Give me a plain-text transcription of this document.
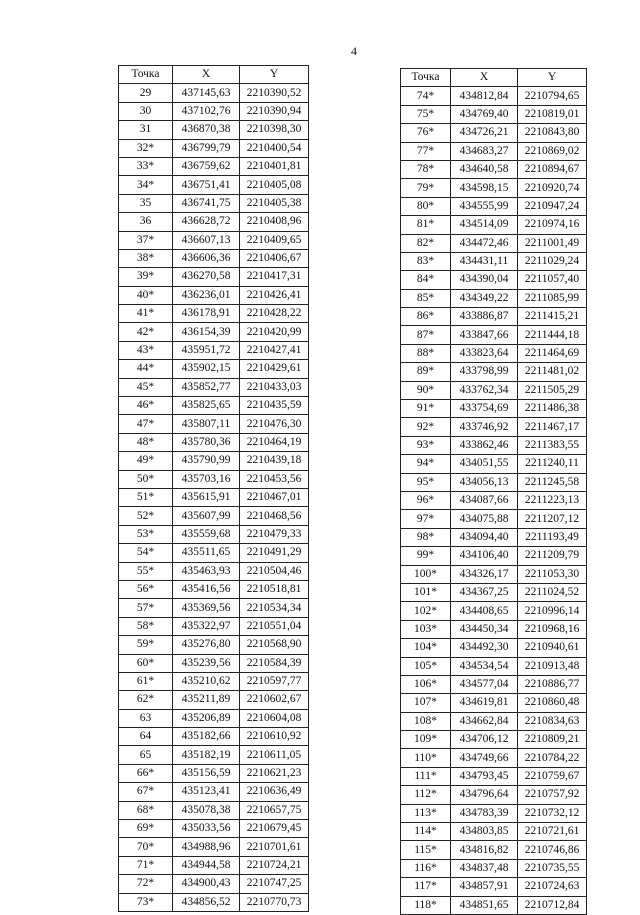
4
Точка	X	Y
29	437145,63	2210390,52
30	437102,76	2210390,94
31	436870,38	2210398,30
32*	436799,79	2210400,54
33*	436759,62	2210401,81
34*	436751,41	2210405,08
35	436741,75	2210405,38
36	436628,72	2210408,96
37*	436607,13	2210409,65
38*	436606,36	2210406,67
39*	436270,58	2210417,31
40*	436236,01	2210426,41
41*	436178,91	2210428,22
42*	436154,39	2210420,99
43*	435951,72	2210427,41
44*	435902,15	2210429,61
45*	435852,77	2210433,03
46*	435825,65	2210435,59
47*	435807,11	2210476,30
48*	435780,36	2210464,19
49*	435790,99	2210439,18
50*	435703,16	2210453,56
51*	435615,91	2210467,01
52*	435607,99	2210468,56
53*	435559,68	2210479,33
54*	435511,65	2210491,29
55*	435463,93	2210504,46
56*	435416,56	2210518,81
57*	435369,56	2210534,34
58*	435322,97	2210551,04
59*	435276,80	2210568,90
60*	435239,56	2210584,39
61*	435210,62	2210597,77
62*	435211,89	2210602,67
63	435206,89	2210604,08
64	435182,66	2210610,92
65	435182,19	2210611,05
66*	435156,59	2210621,23
67*	435123,41	2210636,49
68*	435078,38	2210657,75
69*	435033,56	2210679,45
70*	434988,96	2210701,61
71*	434944,58	2210724,21
72*	434900,43	2210747,25
73*	434856,52	2210770,73
Точка	X	Y
74*	434812,84	2210794,65
75*	434769,40	2210819,01
76*	434726,21	2210843,80
77*	434683,27	2210869,02
78*	434640,58	2210894,67
79*	434598,15	2210920,74
80*	434555,99	2210947,24
81*	434514,09	2210974,16
82*	434472,46	2211001,49
83*	434431,11	2211029,24
84*	434390,04	2211057,40
85*	434349,22	2211085,99
86*	433886,87	2211415,21
87*	433847,66	2211444,18
88*	433823,64	2211464,69
89*	433798,99	2211481,02
90*	433762,34	2211505,29
91*	433754,69	2211486,38
92*	433746,92	2211467,17
93*	433862,46	2211383,55
94*	434051,55	2211240,11
95*	434056,13	2211245,58
96*	434087,66	2211223,13
97*	434075,88	2211207,12
98*	434094,40	2211193,49
99*	434106,40	2211209,79
100*	434326,17	2211053,30
101*	434367,25	2211024,52
102*	434408,65	2210996,14
103*	434450,34	2210968,16
104*	434492,30	2210940,61
105*	434534,54	2210913,48
106*	434577,04	2210886,77
107*	434619,81	2210860,48
108*	434662,84	2210834,63
109*	434706,12	2210809,21
110*	434749,66	2210784,22
111*	434793,45	2210759,67
112*	434796,64	2210757,92
113*	434783,39	2210732,12
114*	434803,85	2210721,61
115*	434816,82	2210746,86
116*	434837,48	2210735,55
117*	434857,91	2210724,63
118*	434851,65	2210712,84
